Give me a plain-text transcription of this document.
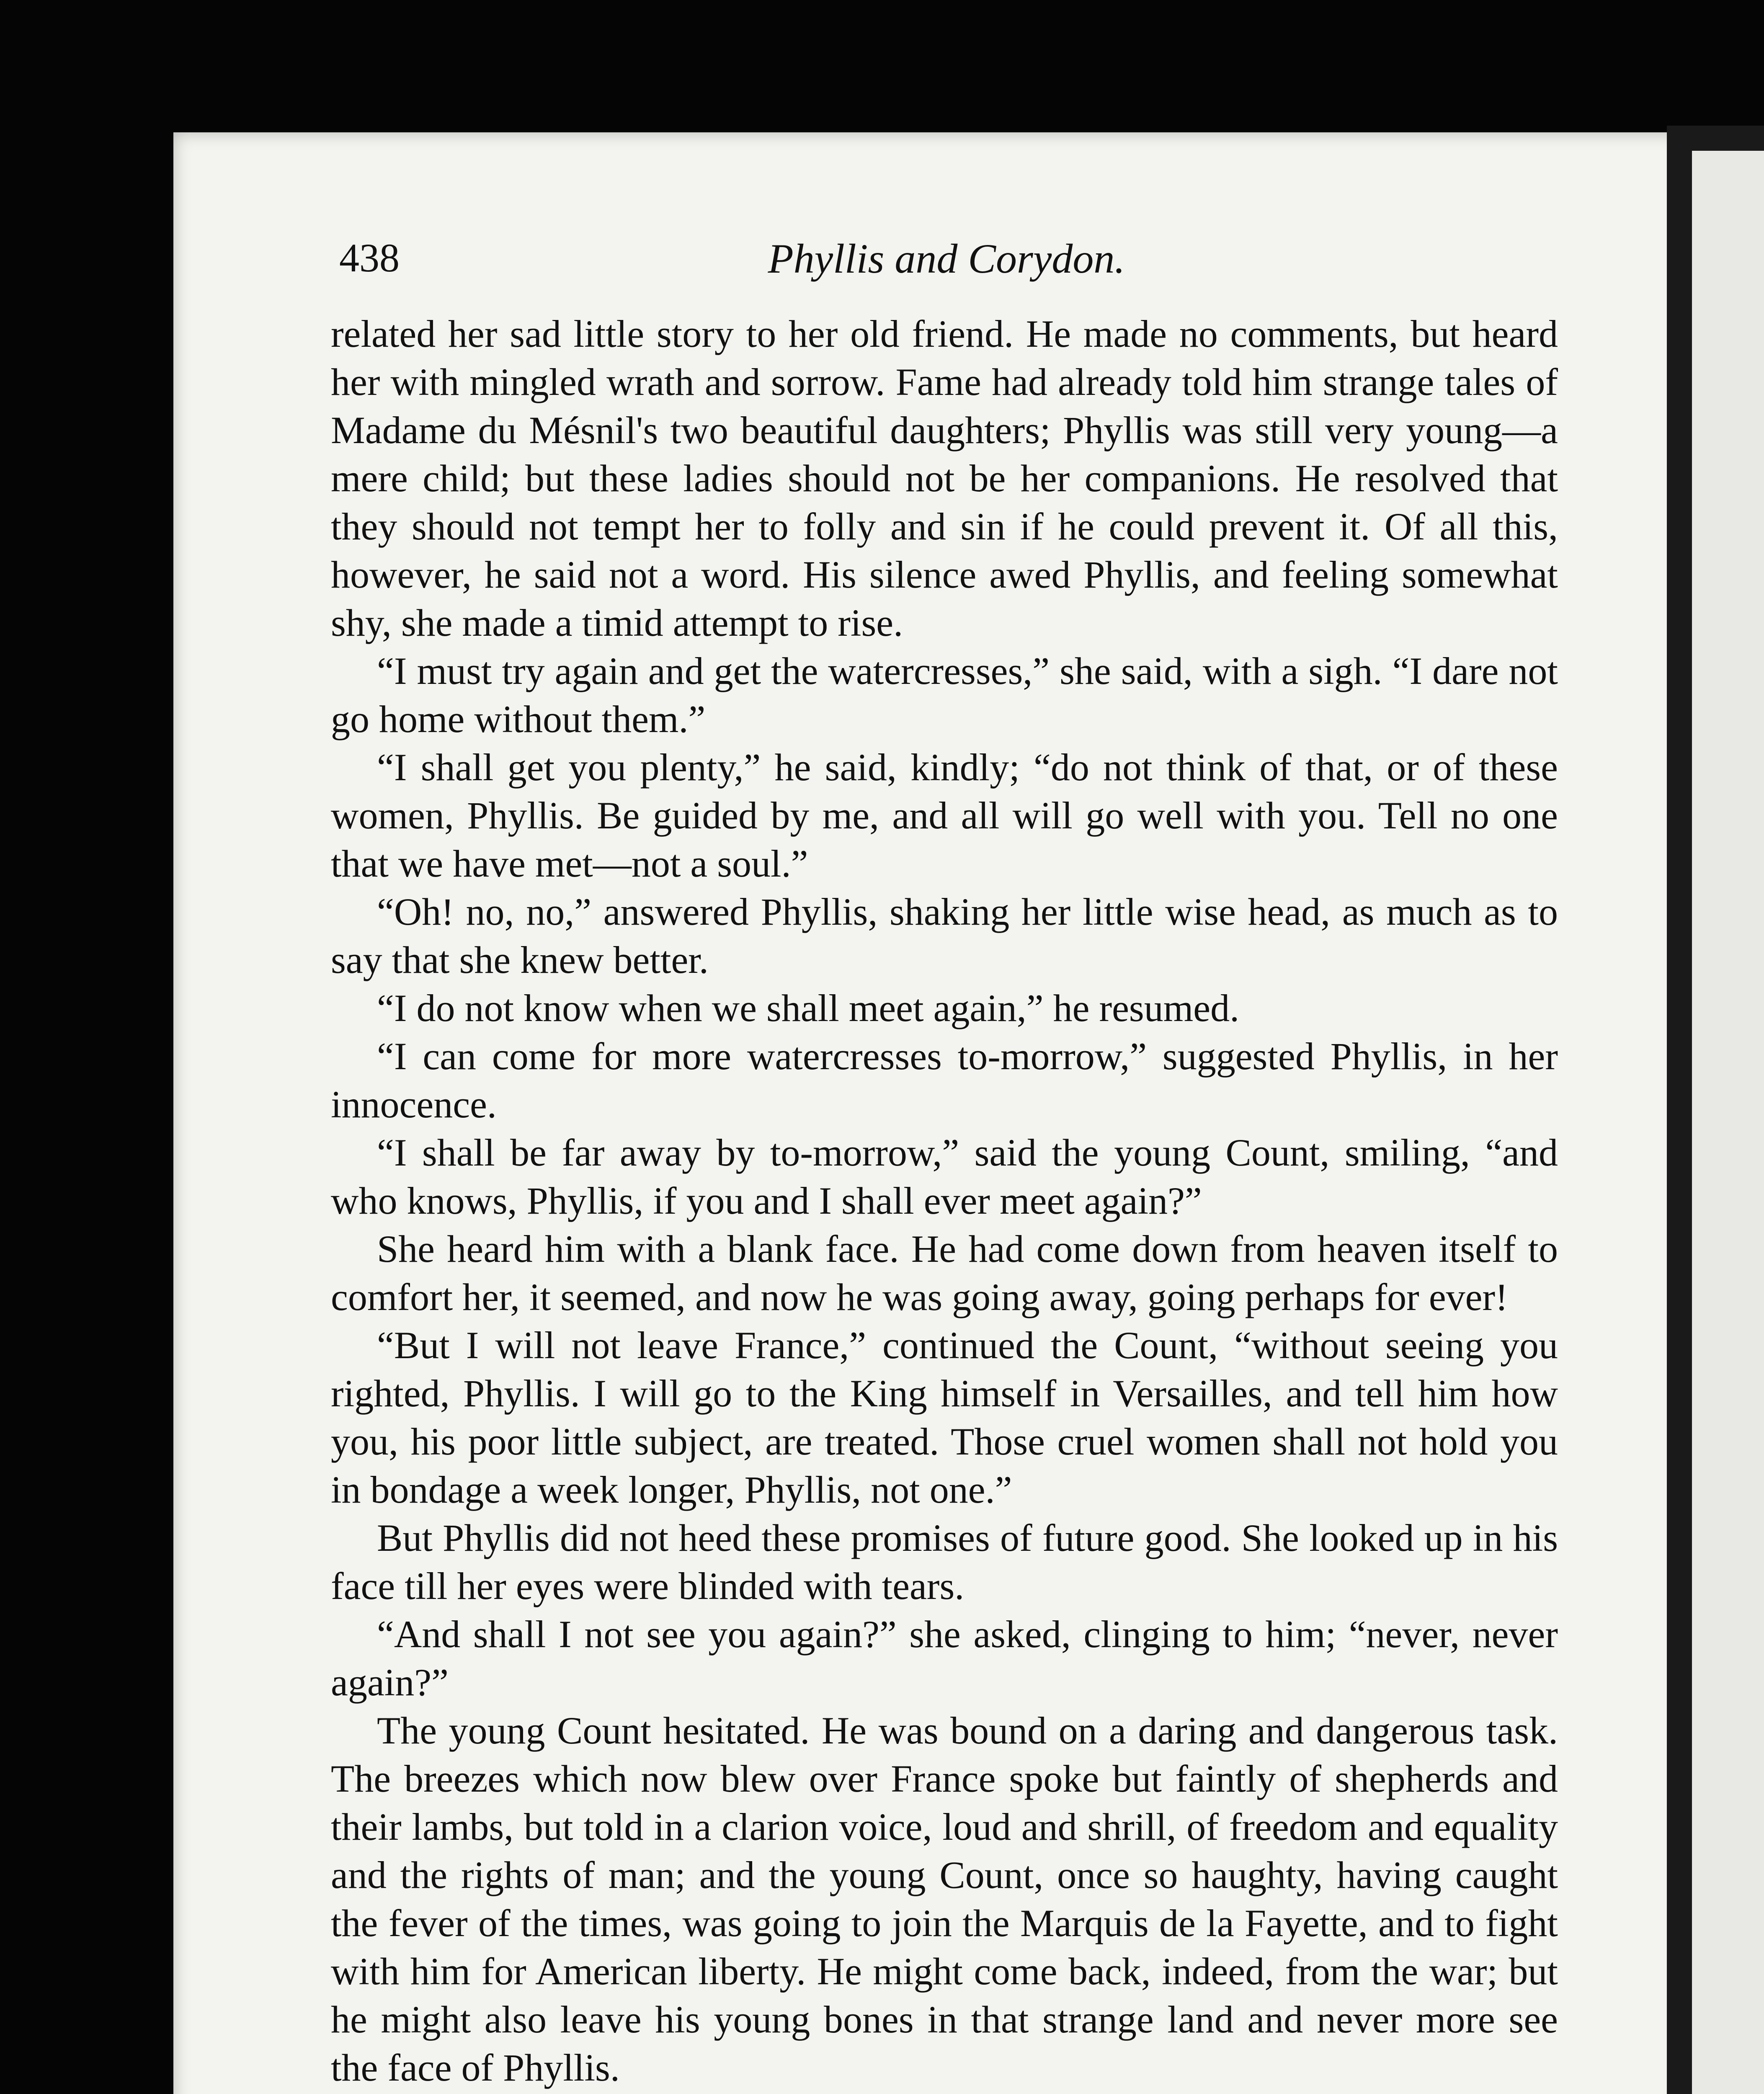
438	Phyllis and Corydon.

related her sad little story to her old friend. He made no comments, but heard her with mingled wrath and sorrow. Fame had already told him strange tales of Madame du Mésnil's two beautiful daughters; Phyllis was still very young—a mere child; but these ladies should not be her companions. He resolved that they should not tempt her to folly and sin if he could prevent it. Of all this, however, he said not a word. His silence awed Phyllis, and feeling somewhat shy, she made a timid attempt to rise.

“I must try again and get the watercresses,” she said, with a sigh. “I dare not go home without them.”

“I shall get you plenty,” he said, kindly; “do not think of that, or of these women, Phyllis. Be guided by me, and all will go well with you. Tell no one that we have met—not a soul.”

“Oh! no, no,” answered Phyllis, shaking her little wise head, as much as to say that she knew better.

“I do not know when we shall meet again,” he resumed.

“I can come for more watercresses to-morrow,” suggested Phyllis, in her innocence.

“I shall be far away by to-morrow,” said the young Count, smiling, “and who knows, Phyllis, if you and I shall ever meet again?”

She heard him with a blank face. He had come down from heaven itself to comfort her, it seemed, and now he was going away, going perhaps for ever!

“But I will not leave France,” continued the Count, “without seeing you righted, Phyllis. I will go to the King himself in Versailles, and tell him how you, his poor little subject, are treated. Those cruel women shall not hold you in bondage a week longer, Phyllis, not one.”

But Phyllis did not heed these promises of future good. She looked up in his face till her eyes were blinded with tears.

“And shall I not see you again?” she asked, clinging to him; “never, never again?”

The young Count hesitated. He was bound on a daring and dangerous task. The breezes which now blew over France spoke but faintly of shepherds and their lambs, but told in a clarion voice, loud and shrill, of freedom and equality and the rights of man; and the young Count, once so haughty, having caught the fever of the times, was going to join the Marquis de la Fayette, and to fight with him for American liberty. He might come back, indeed, from the war; but he might also leave his young bones in that strange land and never more see the face of Phyllis.
